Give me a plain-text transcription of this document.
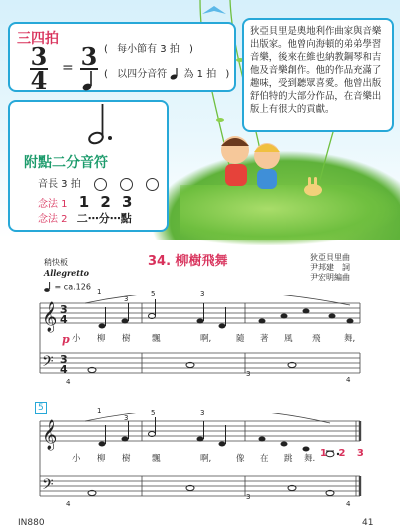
三四拍
3
4 = 3 ( 每小節有 3 拍 )
( 以四分音符 為 1 拍 )
附點二分音符
音長 3 拍
念法 1 1 2 3
念法 2 二⋯分⋯點
狄亞貝里是奧地利作曲家與音樂出版家。他曾向海頓的弟弟學習音樂，後來在維也納教鋼琴和吉他及音樂創作。他的作品充滿了趣味，受到聽眾喜愛。他曾出版舒伯特的大部分作品，在音樂出版上有很大的貢獻。
34. 柳樹飛舞	狄亞貝里曲
尹邦建　詞
尹宏明編曲
稍快板
Allegretto
= ca.126
𝄞
𝄢
3
4
3
4
1
3
5	3
p 小 柳 樹	飄	啊,	隨 著 風 飛	舞,
4
3
4
5
𝄞
𝄢
1
3
5	3
1 2 3
小 柳 樹	飄	啊,	像 在 跳 舞.
4
3
4
IN880	41
